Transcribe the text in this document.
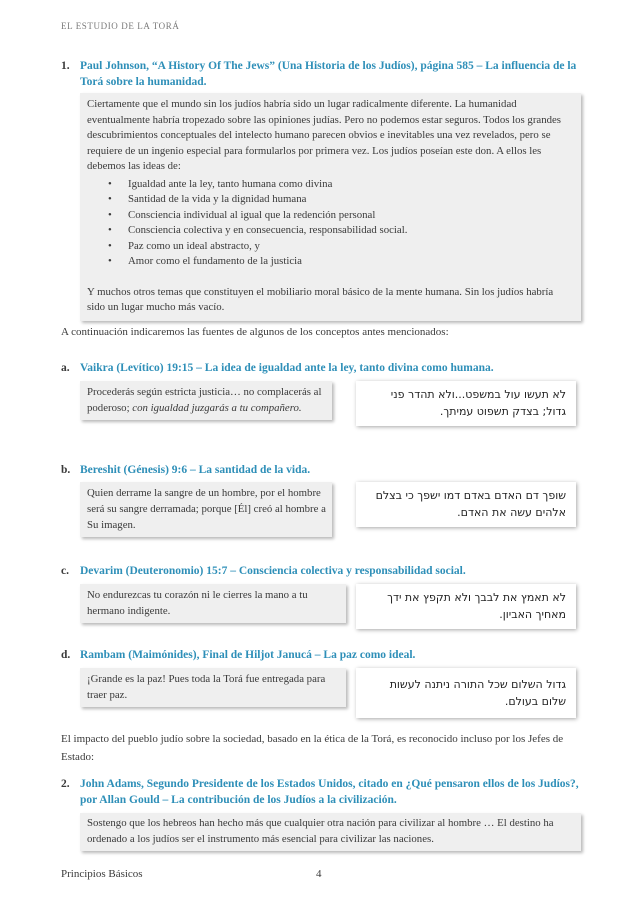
EL ESTUDIO DE LA TORÁ
1. Paul Johnson, “A History Of The Jews” (Una Historia de los Judíos), página 585 – La influencia de la Torá sobre la humanidad.

Ciertamente que el mundo sin los judíos habría sido un lugar radicalmente diferente. La humanidad eventualmente habría tropezado sobre las opiniones judías. Pero no podemos estar seguros. Todos los grandes descubrimientos conceptuales del intelecto humano parecen obvios e inevitables una vez revelados, pero se requiere de un ingenio especial para formularlos por primera vez. Los judíos poseían este don. A ellos les debemos las ideas de:

• Igualdad ante la ley, tanto humana como divina
• Santidad de la vida y la dignidad humana
• Consciencia individual al igual que la redención personal
• Consciencia colectiva y en consecuencia, responsabilidad social.
• Paz como un ideal abstracto, y
• Amor como el fundamento de la justicia

Y muchos otros temas que constituyen el mobiliario moral básico de la mente humana. Sin los judíos habría sido un lugar mucho más vacío.

A continuación indicaremos las fuentes de algunos de los conceptos antes mencionados:
a. Vaikra (Levítico) 19:15 – La idea de igualdad ante la ley, tanto divina como humana.
Procederás según estricta justicia… no complacerás al poderoso; con igualdad juzgarás a tu compañero.
לא תעשו עול במשפט...ולא תהדר פני גדול; בצדק תשפוט עמיתך.
b. Bereshit (Génesis) 9:6 – La santidad de la vida.
Quien derrame la sangre de un hombre, por el hombre será su sangre derramada; porque [Él] creó al hombre a Su imagen.
שופך דם האדם באדם דמו ישפך כי בצלם אלהים עשה את האדם.
c. Devarim (Deuteronomio) 15:7 – Consciencia colectiva y responsabilidad social.
No endurezcas tu corazón ni le cierres la mano a tu hermano indigente.
לא תאמץ את לבבך ולא תקפץ את ידך מאחיך האביון.
d. Rambam (Maimónides), Final de Hiljot Janucá – La paz como ideal.
¡Grande es la paz! Pues toda la Torá fue entregada para traer paz.
גדול השלום שכל התורה ניתנה לעשות שלום בעולם.
El impacto del pueblo judío sobre la sociedad, basado en la ética de la Torá, es reconocido incluso por los Jefes de Estado:
2. John Adams, Segundo Presidente de los Estados Unidos, citado en ¿Qué pensaron ellos de los Judíos?, por Allan Gould – La contribución de los Judíos a la civilización.

Sostengo que los hebreos han hecho más que cualquier otra nación para civilizar al hombre … El destino ha ordenado a los judíos ser el instrumento más esencial para civilizar las naciones.

Principios Básicos	4
